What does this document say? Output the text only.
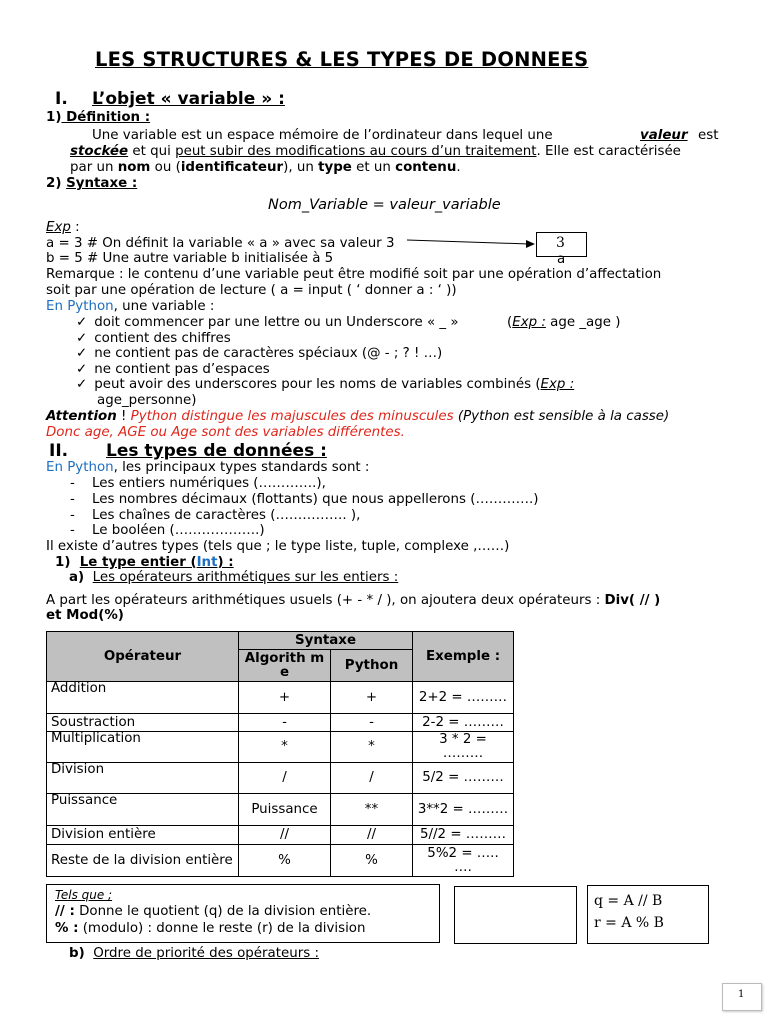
LES STRUCTURES & LES TYPES DE DONNEES
I. L’objet « variable » :
1) Définition :
Une variable est un espace mémoire de l’ordinateur dans lequel une	valeur est
stockée et qui peut subir des modifications au cours d’un traitement. Elle est caractérisée
par un nom ou (identificateur), un type et un contenu.
2) Syntaxe :
Nom_Variable = valeur_variable
Exp :
a = 3 # On définit la variable « a » avec sa valeur 3
b = 5 # Une autre variable b initialisée à 5
3
a
Remarque : le contenu d’une variable peut être modifié soit par une opération d’affectation
soit par une opération de lecture ( a = input ( ‘ donner a : ‘ ))
En Python, une variable :
✓ doit commencer par une lettre ou un Underscore « _ »	(Exp : age _age )
✓ contient des chiffres
✓ ne contient pas de caractères spéciaux (@ - ; ? ! …)
✓ ne contient pas d’espaces
✓ peut avoir des underscores pour les noms de variables combinés (Exp :
age_personne)
Attention ! Python distingue les majuscules des minuscules (Python est sensible à la casse)
Donc age, AGE ou Age sont des variables différentes.
II. Les types de données :
En Python, les principaux types standards sont :
- Les entiers numériques (………….),
- Les nombres décimaux (flottants) que nous appellerons (………….)
- Les chaînes de caractères (……………. ),
- Le booléen (……………….)
Il existe d’autres types (tels que ; le type liste, tuple, complexe ,……)
1) Le type entier (Int) :
a) Les opérateurs arithmétiques sur les entiers :
A part les opérateurs arithmétiques usuels (+ - * / ), on ajoutera deux opérateurs : Div( // )
et Mod(%)
Opérateur	Syntaxe		Exemple :
	Algorith me	Python	
Addition	+	+	2+2 = ………
Soustraction	-	-	2-2 = ………
Multiplication	*	*	3 * 2 = ………
Division	/	/	5/2 = ………
Puissance	Puissance	**	3**2 = ………
Division entière	//	//	5//2 = ………
Reste de la division entière	%	%	5%2 = ….. ….
Tels que ;
// : Donne le quotient (q) de la division entière.
% : (modulo) : donne le reste (r) de la division
q = A // B
r = A % B
b) Ordre de priorité des opérateurs :
1
